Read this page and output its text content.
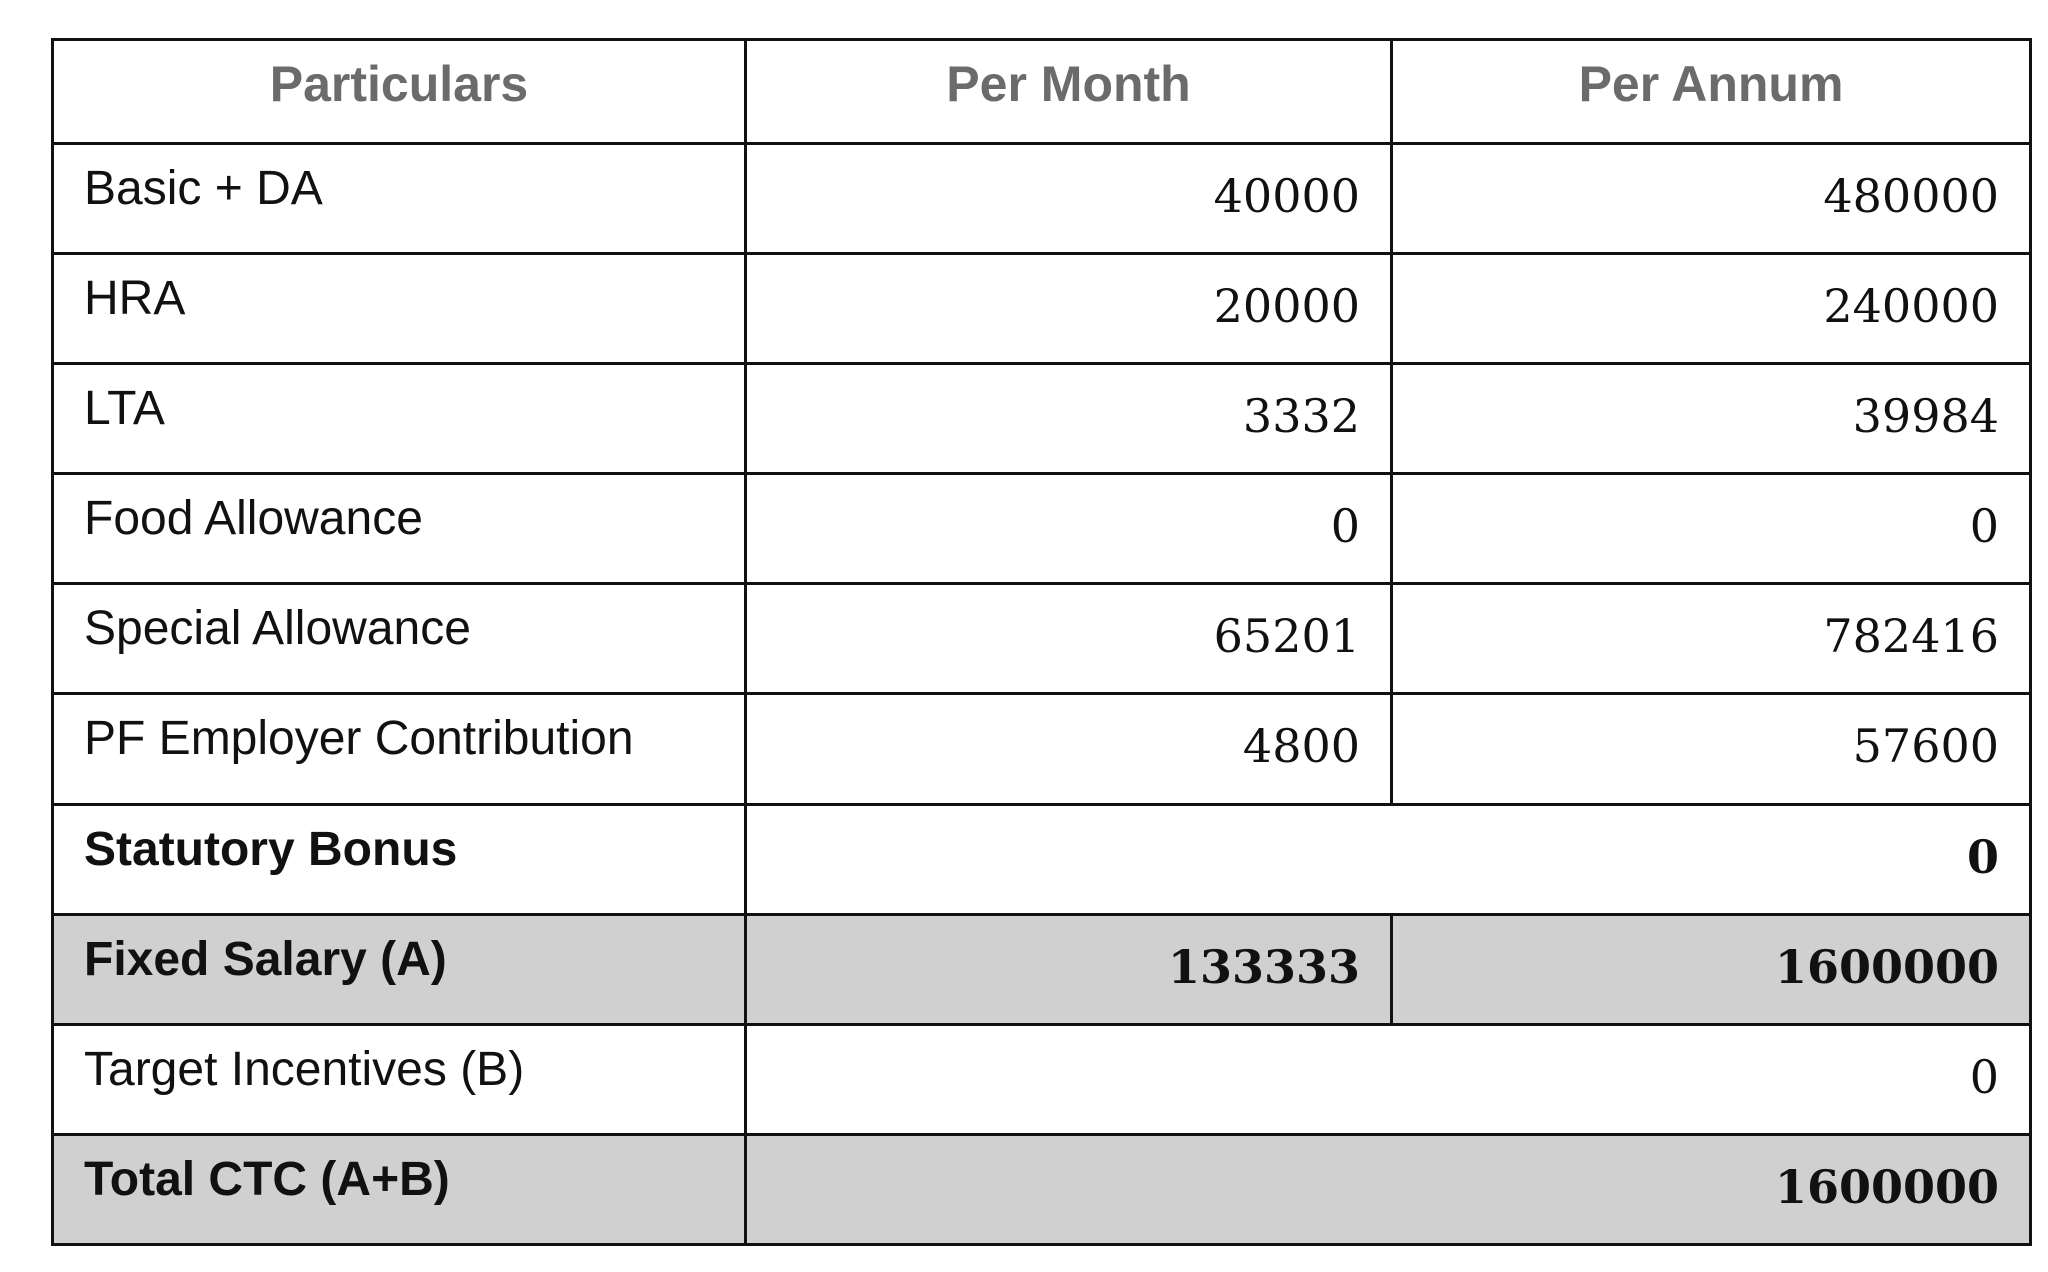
Particulars	Per Month	Per Annum
Basic + DA	40000	480000
HRA	20000	240000
LTA	3332	39984
Food Allowance	0	0
Special Allowance	65201	782416
PF Employer Contribution	4800	57600
Statutory Bonus	0	
Fixed Salary (A)	133333	1600000
Target Incentives (B)	0	
Total CTC (A+B)	1600000	
